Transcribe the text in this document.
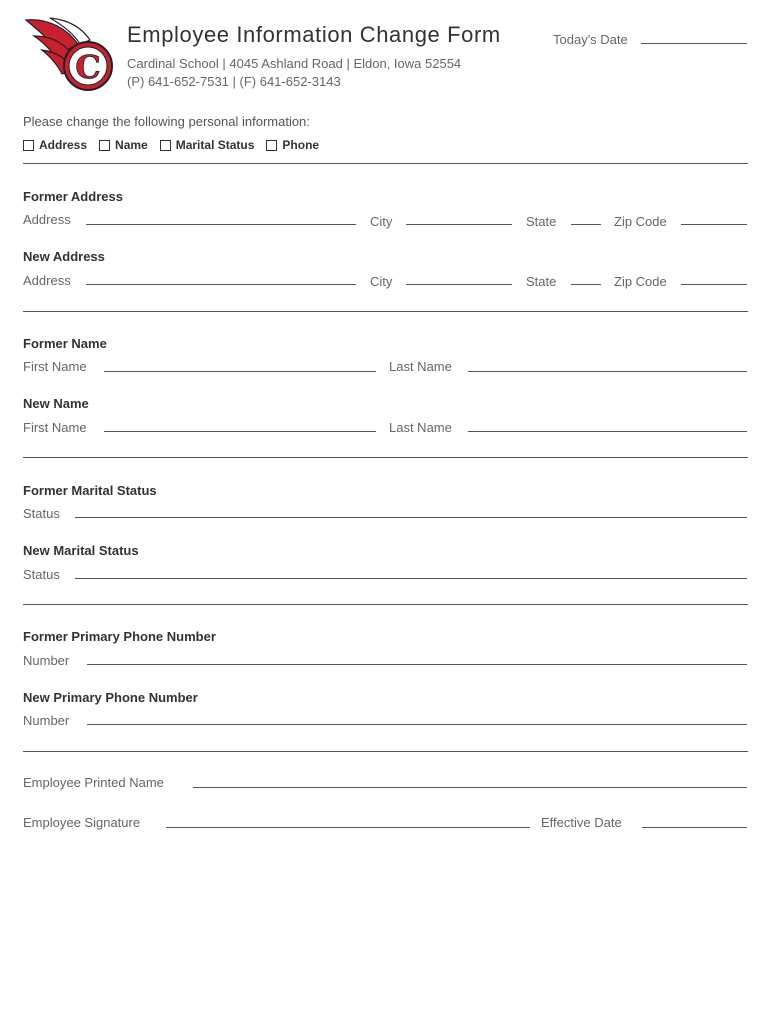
C
Employee Information Change Form	Today's Date
Cardinal School | 4045 Ashland Road | Eldon, Iowa 52554
(P) 641-652-7531 | (F) 641-652-3143
Please change the following personal information:
Address Name Marital Status Phone
Former Address
Address	City	State	Zip Code
New Address
Address	City	State	Zip Code
Former Name
First Name	Last Name
New Name
First Name	Last Name
Former Marital Status
Status
New Marital Status
Status
Former Primary Phone Number
Number
New Primary Phone Number
Number
Employee Printed Name
Employee Signature	Effective Date
